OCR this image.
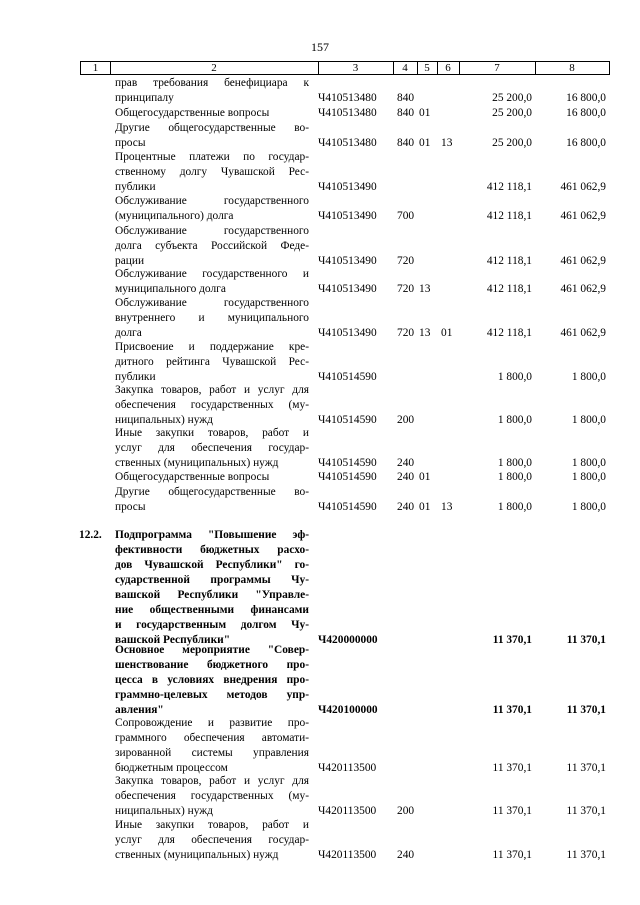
157
1	2	3	4	5	6	7	8
прав требования бенефициара к
принципалу	Ч410513480 840	25 200,0	16 800,0
Общегосударственные вопросы	Ч410513480 840 01	25 200,0	16 800,0
Другие общегосударственные во-
просы	Ч410513480 840 01 13	25 200,0	16 800,0
Процентные платежи по государ-
ственному долгу Чувашской Рес-
публики	Ч410513490	412 118,1	461 062,9
Обслуживание государственного
(муниципального) долга	Ч410513490 700	412 118,1	461 062,9
Обслуживание государственного
долга субъекта Российской Феде-
рации	Ч410513490 720	412 118,1	461 062,9
Обслуживание государственного и
муниципального долга	Ч410513490 720 13	412 118,1	461 062,9
Обслуживание государственного
внутреннего и муниципального
долга	Ч410513490 720 13 01	412 118,1	461 062,9
Присвоение и поддержание кре-
дитного рейтинга Чувашской Рес-
публики	Ч410514590	1 800,0	1 800,0
Закупка товаров, работ и услуг для
обеспечения государственных (му-
ниципальных) нужд	Ч410514590 200	1 800,0	1 800,0
Иные закупки товаров, работ и
услуг для обеспечения государ-
ственных (муниципальных) нужд	Ч410514590 240	1 800,0	1 800,0
Общегосударственные вопросы	Ч410514590 240 01	1 800,0	1 800,0
Другие общегосударственные во-
просы	Ч410514590 240 01 13	1 800,0	1 800,0
12.2. Подпрограмма "Повышение эф-
фективности бюджетных расхо-
дов Чувашской Республики" го-
сударственной программы Чу-
вашской Республики "Управле-
ние общественными финансами
и государственным долгом Чу-
вашской Республики"	Ч420000000	11 370,1	11 370,1
Основное мероприятие "Совер-
шенствование бюджетного про-
цесса в условиях внедрения про-
граммно-целевых методов упр-
авления"	Ч420100000	11 370,1	11 370,1
Сопровождение и развитие про-
граммного обеспечения автомати-
зированной системы управления
бюджетным процессом	Ч420113500	11 370,1	11 370,1
Закупка товаров, работ и услуг для
обеспечения государственных (му-
ниципальных) нужд	Ч420113500 200	11 370,1	11 370,1
Иные закупки товаров, работ и
услуг для обеспечения государ-
ственных (муниципальных) нужд	Ч420113500 240	11 370,1	11 370,1
